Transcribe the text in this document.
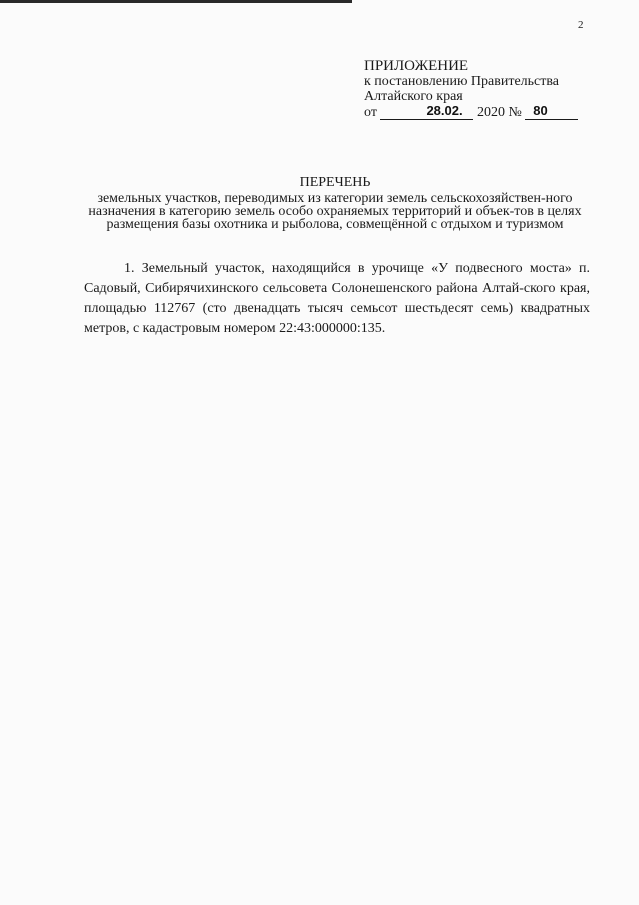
2
ПРИЛОЖЕНИЕ
к постановлению Правительства
Алтайского края
от	28.02. 2020 № 80
ПЕРЕЧЕНЬ
земельных участков, переводимых из категории земель сельскохозяйствен-ного назначения в категорию земель особо охраняемых территорий и объек-тов в целях размещения базы охотника и рыболова, совмещённой с отдыхом и туризмом
1. Земельный участок, находящийся в урочище «У подвесного моста» п. Садовый, Сибирячихинского сельсовета Солонешенского района Алтай-ского края, площадью 112767 (сто двенадцать тысяч семьсот шестьдесят семь) квадратных метров, с кадастровым номером 22:43:000000:135.
